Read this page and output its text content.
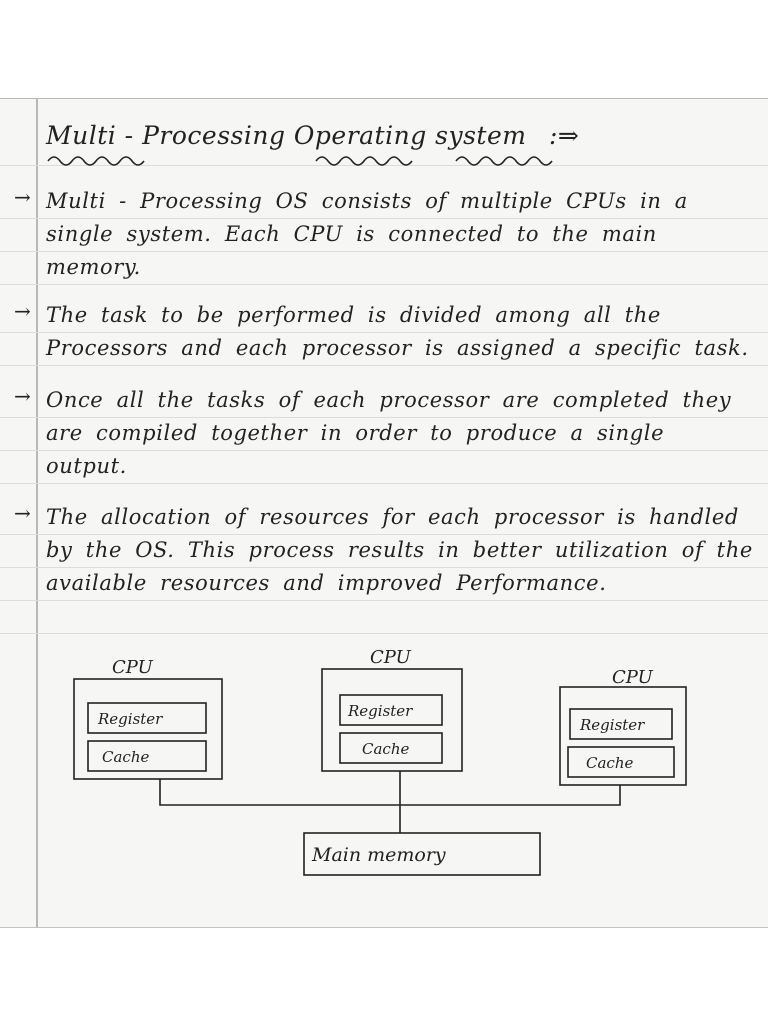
Multi - Processing Operating system :⇒
→ Multi - Processing OS consists of multiple CPUs in a single system. Each CPU is connected to the main memory.
→ The task to be performed is divided among all the Processors and each processor is assigned a specific task.
→ Once all the tasks of each processor are completed they are compiled together in order to produce a single output.
→ The allocation of resources for each processor is handled by the OS. This process results in better utilization of the available resources and improved Performance.
CPU
Register
Cache
CPU
Register
Cache
CPU
Register
Cache
Main memory
